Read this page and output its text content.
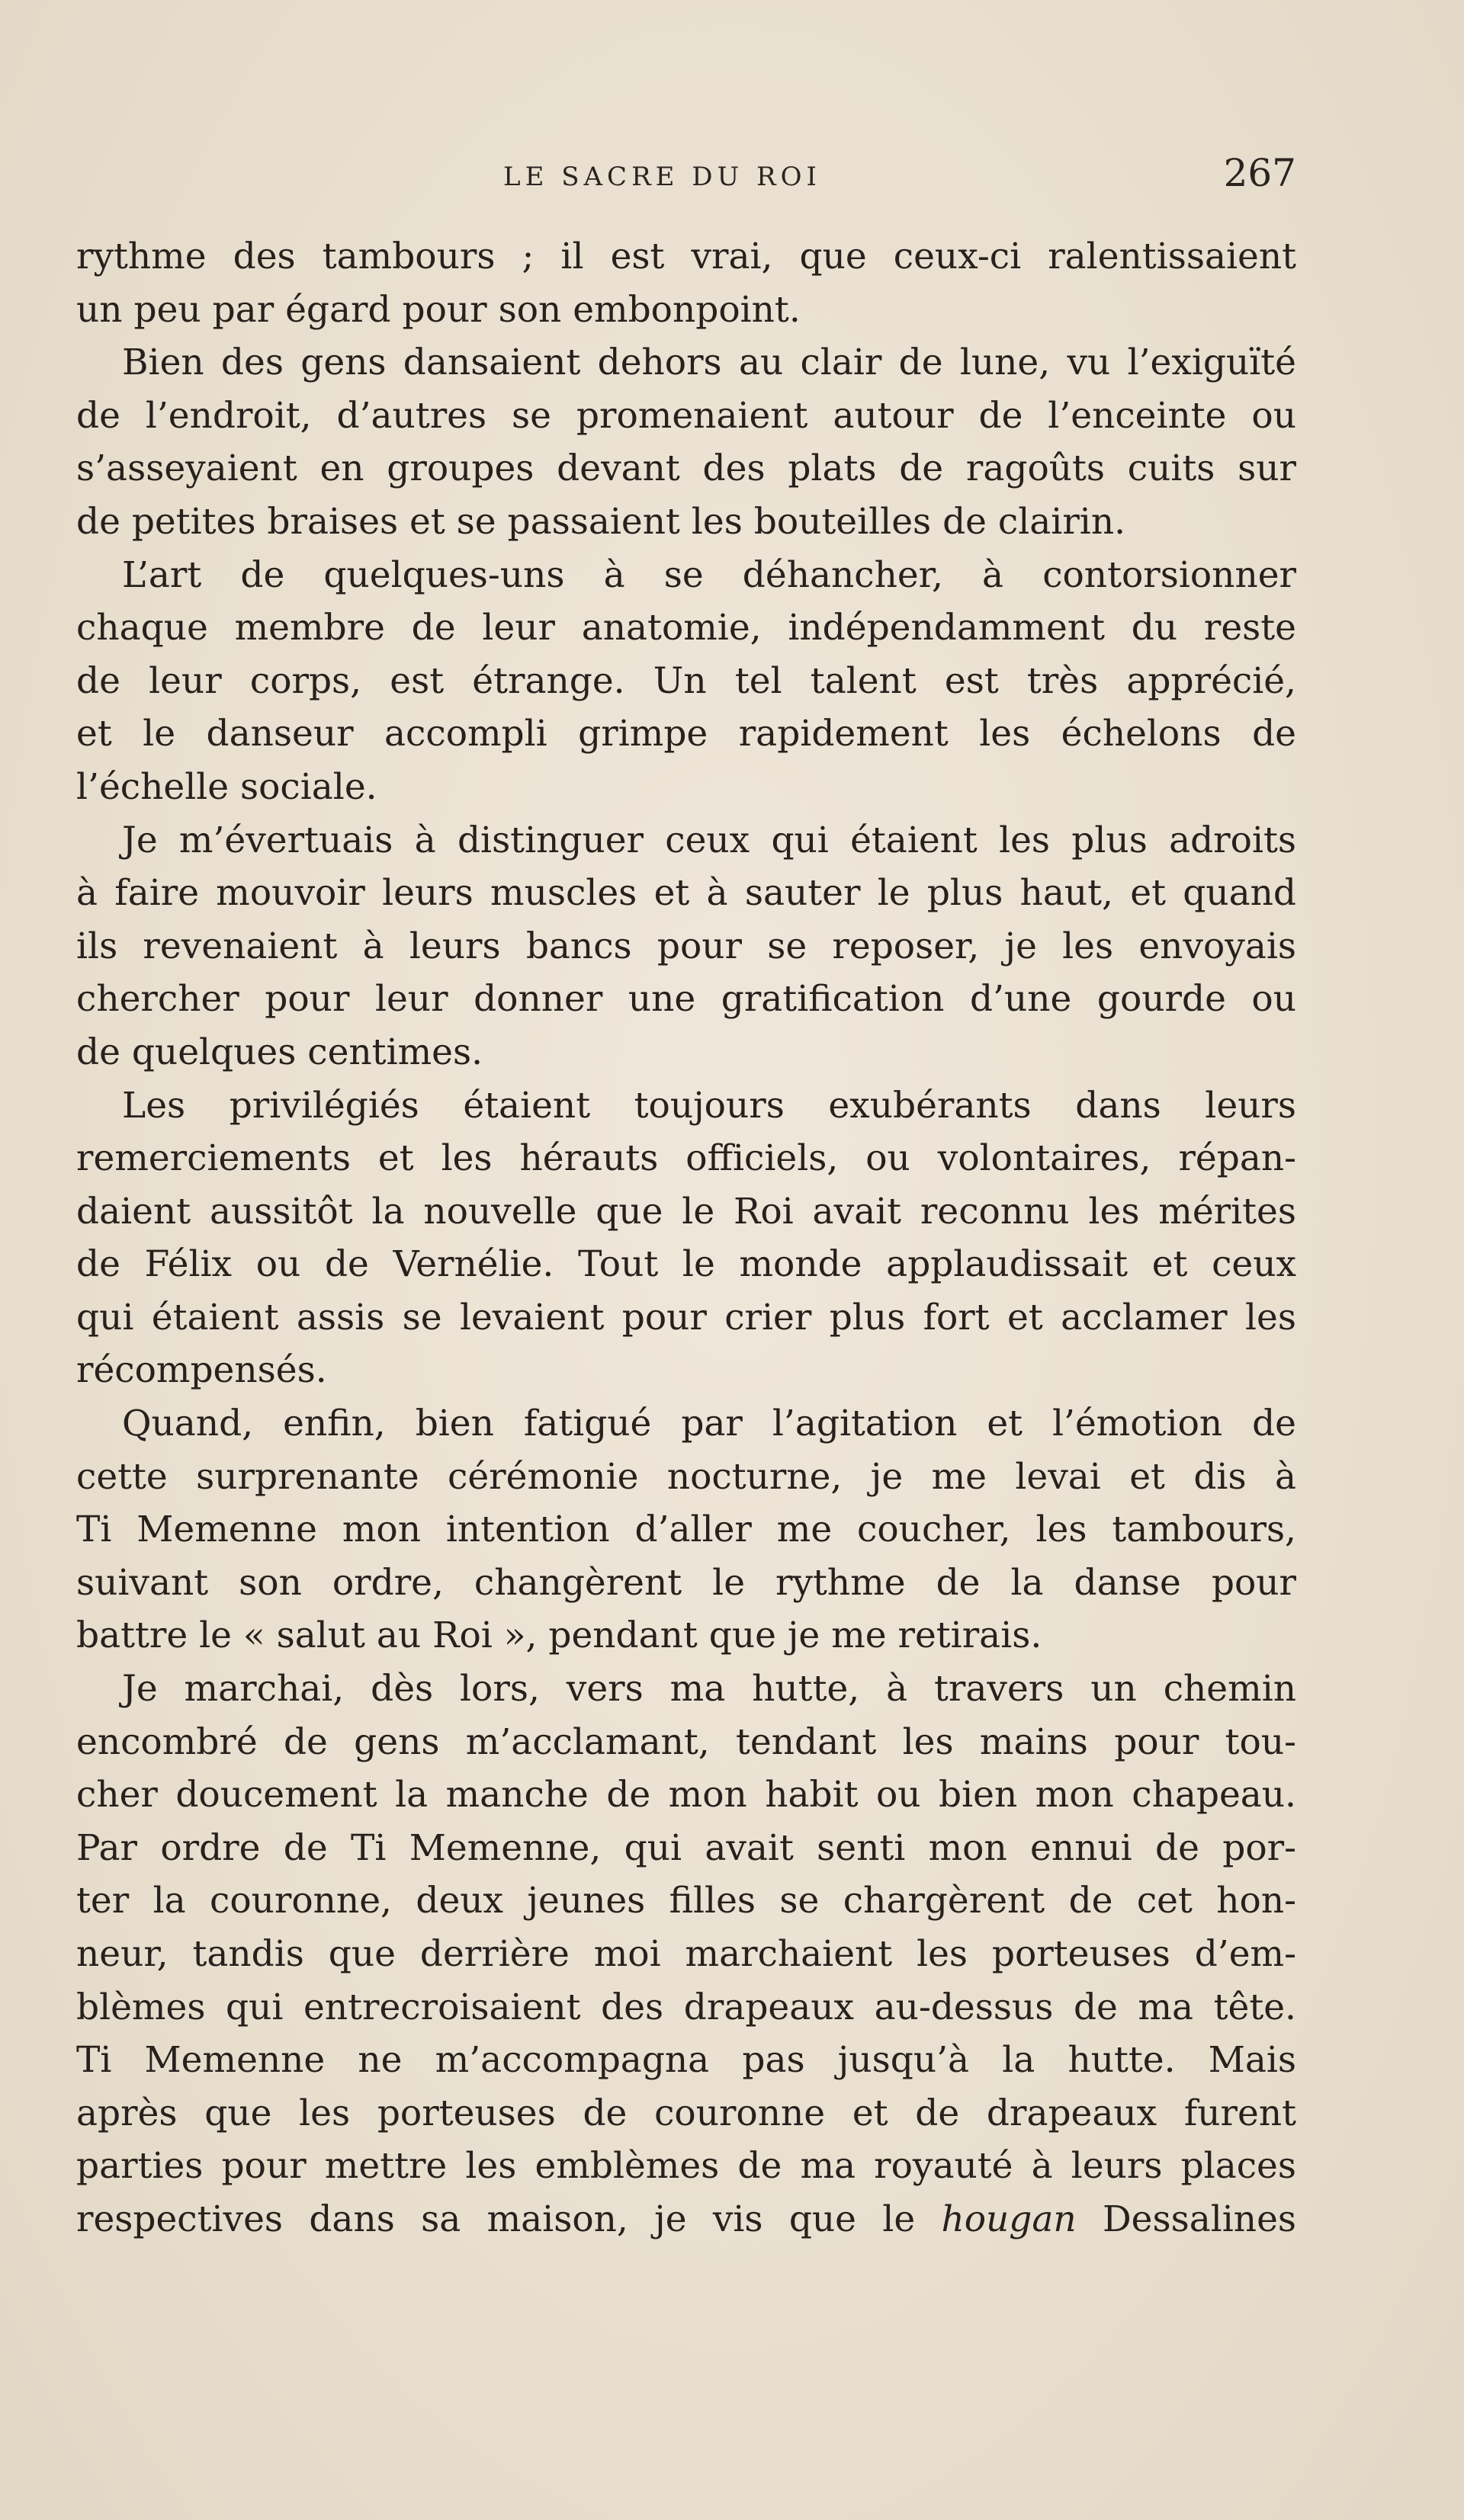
LE SACRE DU ROI	267
rythme des tambours ; il est vrai, que ceux-ci ralentissaient
un peu par égard pour son embonpoint.
Bien des gens dansaient dehors au clair de lune, vu l’exiguïté
de l’endroit, d’autres se promenaient autour de l’enceinte ou
s’asseyaient en groupes devant des plats de ragoûts cuits sur
de petites braises et se passaient les bouteilles de clairin.
L’art de quelques-uns à se déhancher, à contorsionner
chaque membre de leur anatomie, indépendamment du reste
de leur corps, est étrange. Un tel talent est très apprécié,
et le danseur accompli grimpe rapidement les échelons de
l’échelle sociale.
Je m’évertuais à distinguer ceux qui étaient les plus adroits
à faire mouvoir leurs muscles et à sauter le plus haut, et quand
ils revenaient à leurs bancs pour se reposer, je les envoyais
chercher pour leur donner une gratification d’une gourde ou
de quelques centimes.
Les privilégiés étaient toujours exubérants dans leurs
remerciements et les hérauts officiels, ou volontaires, répan-
daient aussitôt la nouvelle que le Roi avait reconnu les mérites
de Félix ou de Vernélie. Tout le monde applaudissait et ceux
qui étaient assis se levaient pour crier plus fort et acclamer les
récompensés.
Quand, enfin, bien fatigué par l’agitation et l’émotion de
cette surprenante cérémonie nocturne, je me levai et dis à
Ti Memenne mon intention d’aller me coucher, les tambours,
suivant son ordre, changèrent le rythme de la danse pour
battre le « salut au Roi », pendant que je me retirais.
Je marchai, dès lors, vers ma hutte, à travers un chemin
encombré de gens m’acclamant, tendant les mains pour tou-
cher doucement la manche de mon habit ou bien mon chapeau.
Par ordre de Ti Memenne, qui avait senti mon ennui de por-
ter la couronne, deux jeunes filles se chargèrent de cet hon-
neur, tandis que derrière moi marchaient les porteuses d’em-
blèmes qui entrecroisaient des drapeaux au-dessus de ma tête.
Ti Memenne ne m’accompagna pas jusqu’à la hutte. Mais
après que les porteuses de couronne et de drapeaux furent
parties pour mettre les emblèmes de ma royauté à leurs places
respectives dans sa maison, je vis que le hougan Dessalines
